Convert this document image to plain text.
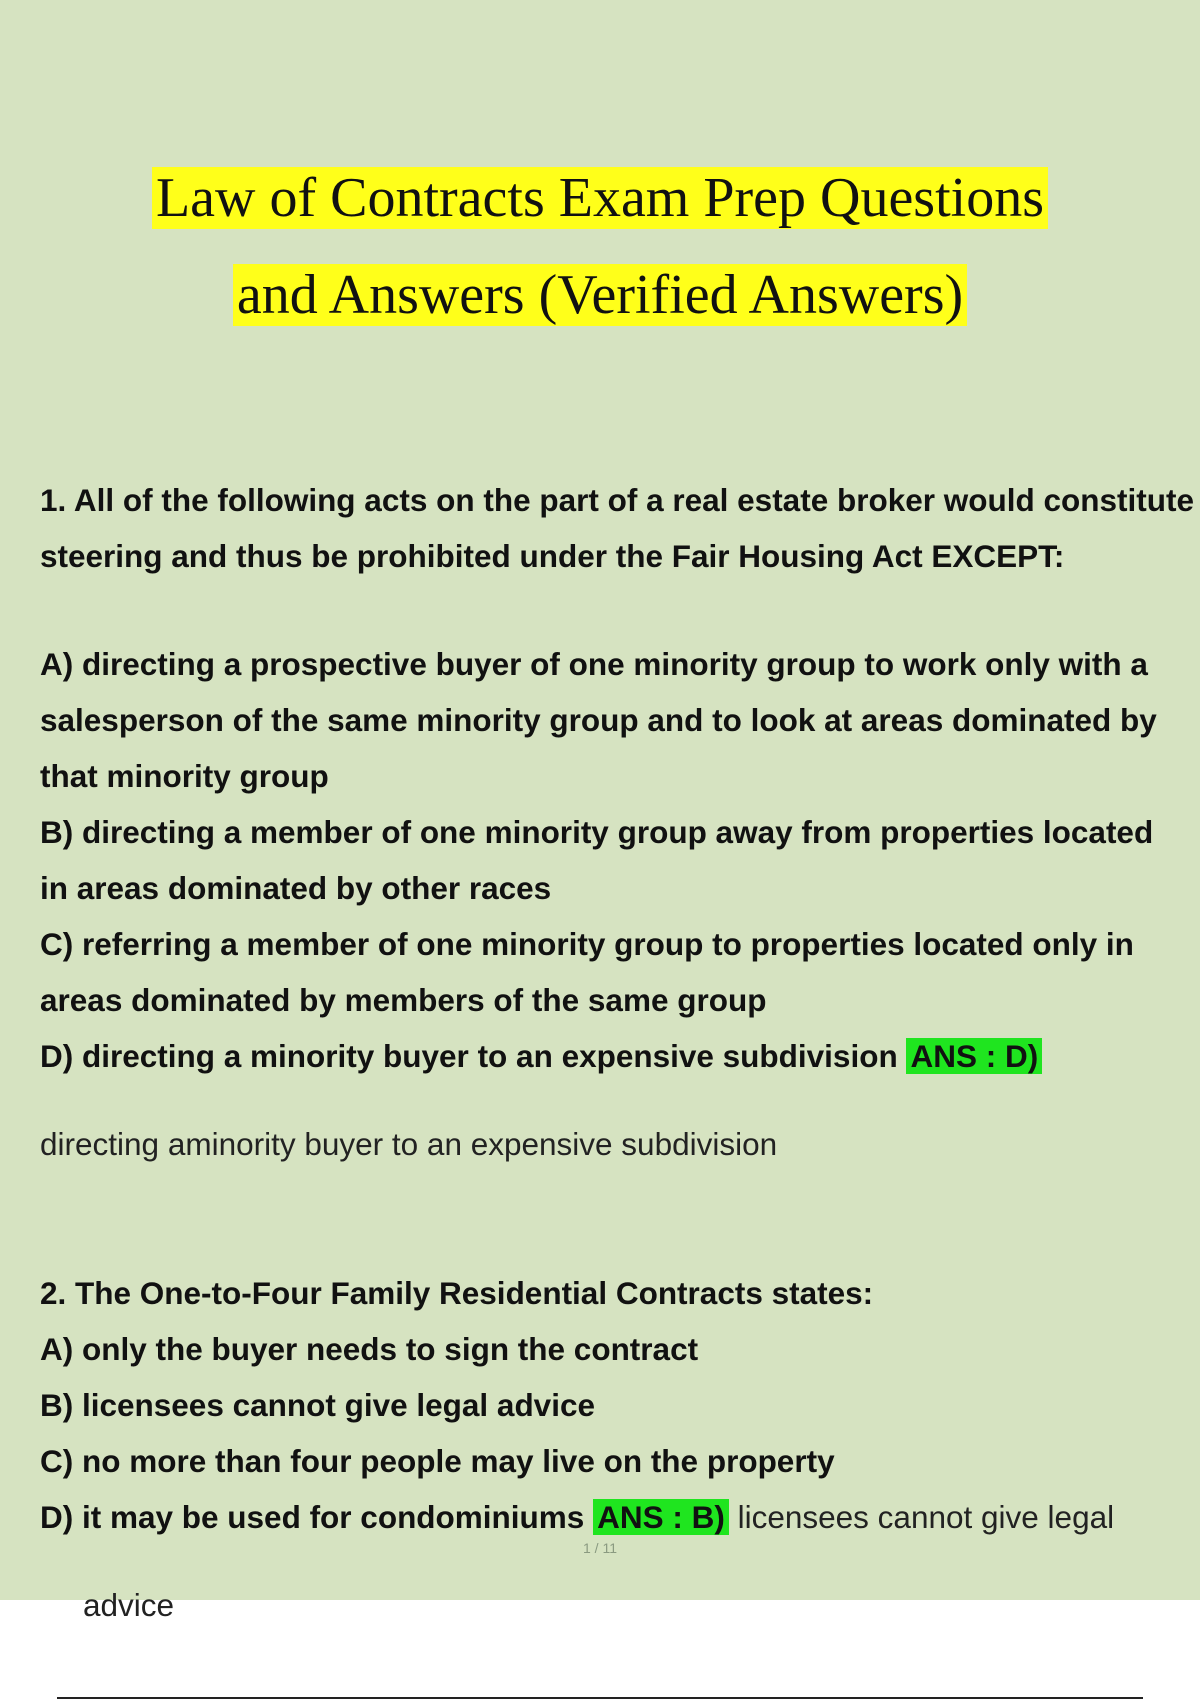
Law of Contracts Exam Prep Questions
and Answers (Verified Answers)

1. All of the following acts on the part of a real estate broker would constitute

steering and thus be prohibited under the Fair Housing Act EXCEPT:

A) directing a prospective buyer of one minority group to work only with a

salesperson of the same minority group and to look at areas dominated by

that minority group

B) directing a member of one minority group away from properties located

in areas dominated by other races

C) referring a member of one minority group to properties located only in

areas dominated by members of the same group

D) directing a minority buyer to an expensive subdivision ANS : D)

directing aminority buyer to an expensive subdivision

2. The One-to-Four Family Residential Contracts states:

A) only the buyer needs to sign the contract

B) licensees cannot give legal advice

C) no more than four people may live on the property

D) it may be used for condominiums ANS : B) licensees cannot give legal

advice

1 / 11
